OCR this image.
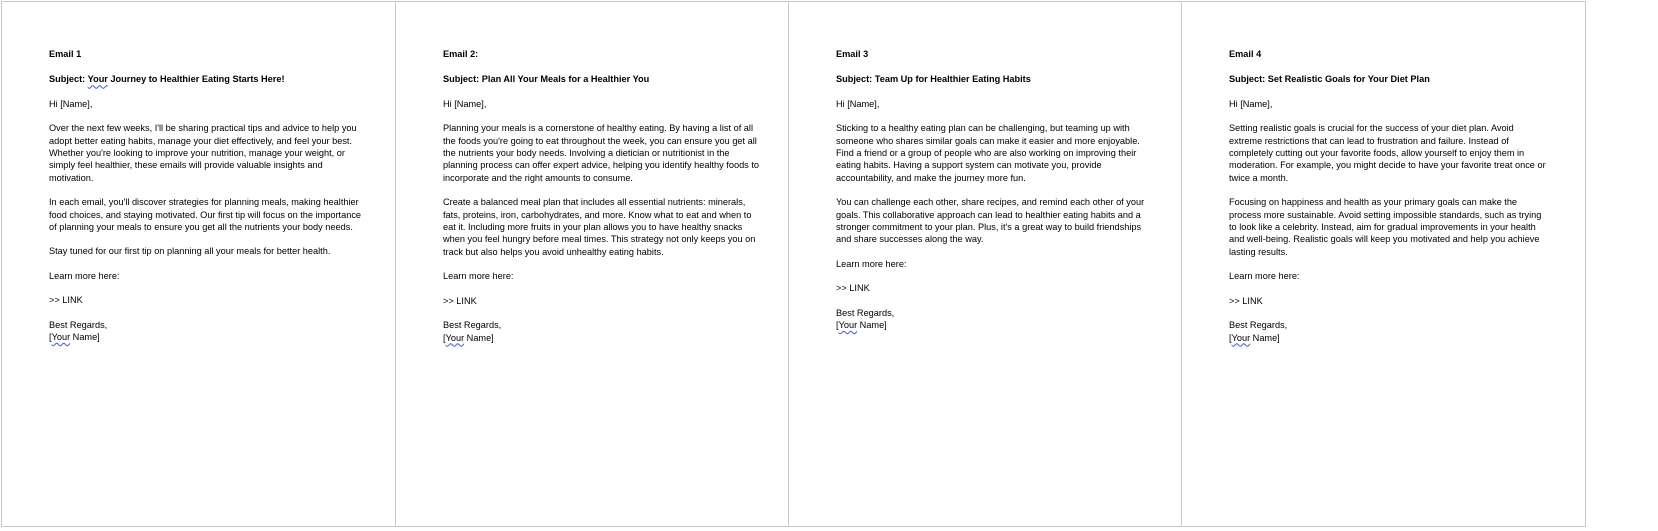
Email 1
Subject: Your Journey to Healthier Eating Starts Here!
Hi [Name],
Over the next few weeks, I'll be sharing practical tips and advice to help you adopt better eating habits, manage your diet effectively, and feel your best. Whether you're looking to improve your nutrition, manage your weight, or simply feel healthier, these emails will provide valuable insights and motivation.
In each email, you'll discover strategies for planning meals, making healthier food choices, and staying motivated. Our first tip will focus on the importance of planning your meals to ensure you get all the nutrients your body needs.
Stay tuned for our first tip on planning all your meals for better health.
Learn more here:
>> LINK
Best Regards,
[Your Name]
Email 2:
Subject: Plan All Your Meals for a Healthier You
Hi [Name],
Planning your meals is a cornerstone of healthy eating. By having a list of all the foods you're going to eat throughout the week, you can ensure you get all the nutrients your body needs. Involving a dietician or nutritionist in the planning process can offer expert advice, helping you identify healthy foods to incorporate and the right amounts to consume.
Create a balanced meal plan that includes all essential nutrients: minerals, fats, proteins, iron, carbohydrates, and more. Know what to eat and when to eat it. Including more fruits in your plan allows you to have healthy snacks when you feel hungry before meal times. This strategy not only keeps you on track but also helps you avoid unhealthy eating habits.
Learn more here:
>> LINK
Best Regards,
[Your Name]
Email 3
Subject: Team Up for Healthier Eating Habits
Hi [Name],
Sticking to a healthy eating plan can be challenging, but teaming up with someone who shares similar goals can make it easier and more enjoyable. Find a friend or a group of people who are also working on improving their eating habits. Having a support system can motivate you, provide accountability, and make the journey more fun.
You can challenge each other, share recipes, and remind each other of your goals. This collaborative approach can lead to healthier eating habits and a stronger commitment to your plan. Plus, it's a great way to build friendships and share successes along the way.
Learn more here:
>> LINK
Best Regards,
[Your Name]
Email 4
Subject: Set Realistic Goals for Your Diet Plan
Hi [Name],
Setting realistic goals is crucial for the success of your diet plan. Avoid extreme restrictions that can lead to frustration and failure. Instead of completely cutting out your favorite foods, allow yourself to enjoy them in moderation. For example, you might decide to have your favorite treat once or twice a month.
Focusing on happiness and health as your primary goals can make the process more sustainable. Avoid setting impossible standards, such as trying to look like a celebrity. Instead, aim for gradual improvements in your health and well-being. Realistic goals will keep you motivated and help you achieve lasting results.
Learn more here:
>> LINK
Best Regards,
[Your Name]
